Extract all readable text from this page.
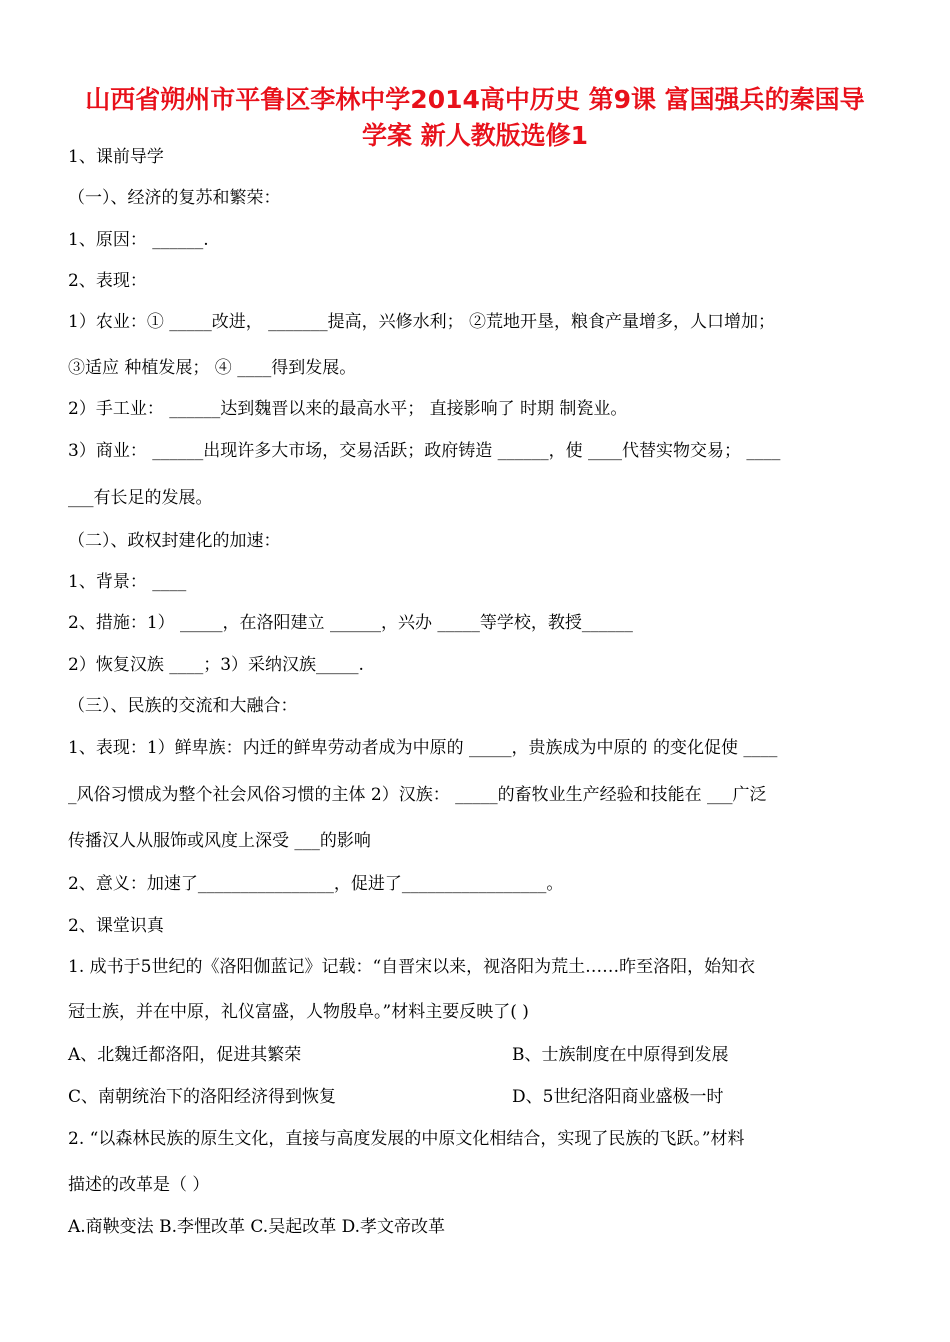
山西省朔州市平鲁区李林中学2014高中历史 第9课 富国强兵的秦国导
学案 新人教版选修1
1、课前导学
（一）、经济的复苏和繁荣：
1、原因： ______.
2、表现：
1）农业：① _____改进， _______提高，兴修水利； ②荒地开垦，粮食产量增多，人口增加；
③适应 种植发展； ④ ____得到发展。
2）手工业： ______达到魏晋以来的最高水平； 直接影响了 时期 制瓷业。
3）商业： ______出现许多大市场，交易活跃；政府铸造 ______，使 ____代替实物交易； ____
___有长足的发展。
（二）、政权封建化的加速：
1、背景： ____
2、措施：1） _____，在洛阳建立 ______，兴办 _____等学校，教授______
2）恢复汉族 ____；3）采纳汉族_____.
（三）、民族的交流和大融合：
1、表现：1）鲜卑族：内迁的鲜卑劳动者成为中原的 _____，贵族成为中原的 的变化促使 ____
_风俗习惯成为整个社会风俗习惯的主体 2）汉族： _____的畜牧业生产经验和技能在 ___广泛
传播汉人从服饰或风度上深受 ___的影响
2、意义：加速了________________，促进了_________________。
2、课堂识真
1. 成书于5世纪的《洛阳伽蓝记》记载：“自晋宋以来，视洛阳为荒土……昨至洛阳，始知衣
冠士族，并在中原，礼仪富盛，人物殷阜。”材料主要反映了( )
A、北魏迁都洛阳，促进其繁荣	B、士族制度在中原得到发展
C、南朝统治下的洛阳经济得到恢复	D、5世纪洛阳商业盛极一时
2. “以森林民族的原生文化，直接与高度发展的中原文化相结合，实现了民族的飞跃。”材料
描述的改革是（ ）
A.商鞅变法 B.李悝改革 C.吴起改革 D.孝文帝改革
